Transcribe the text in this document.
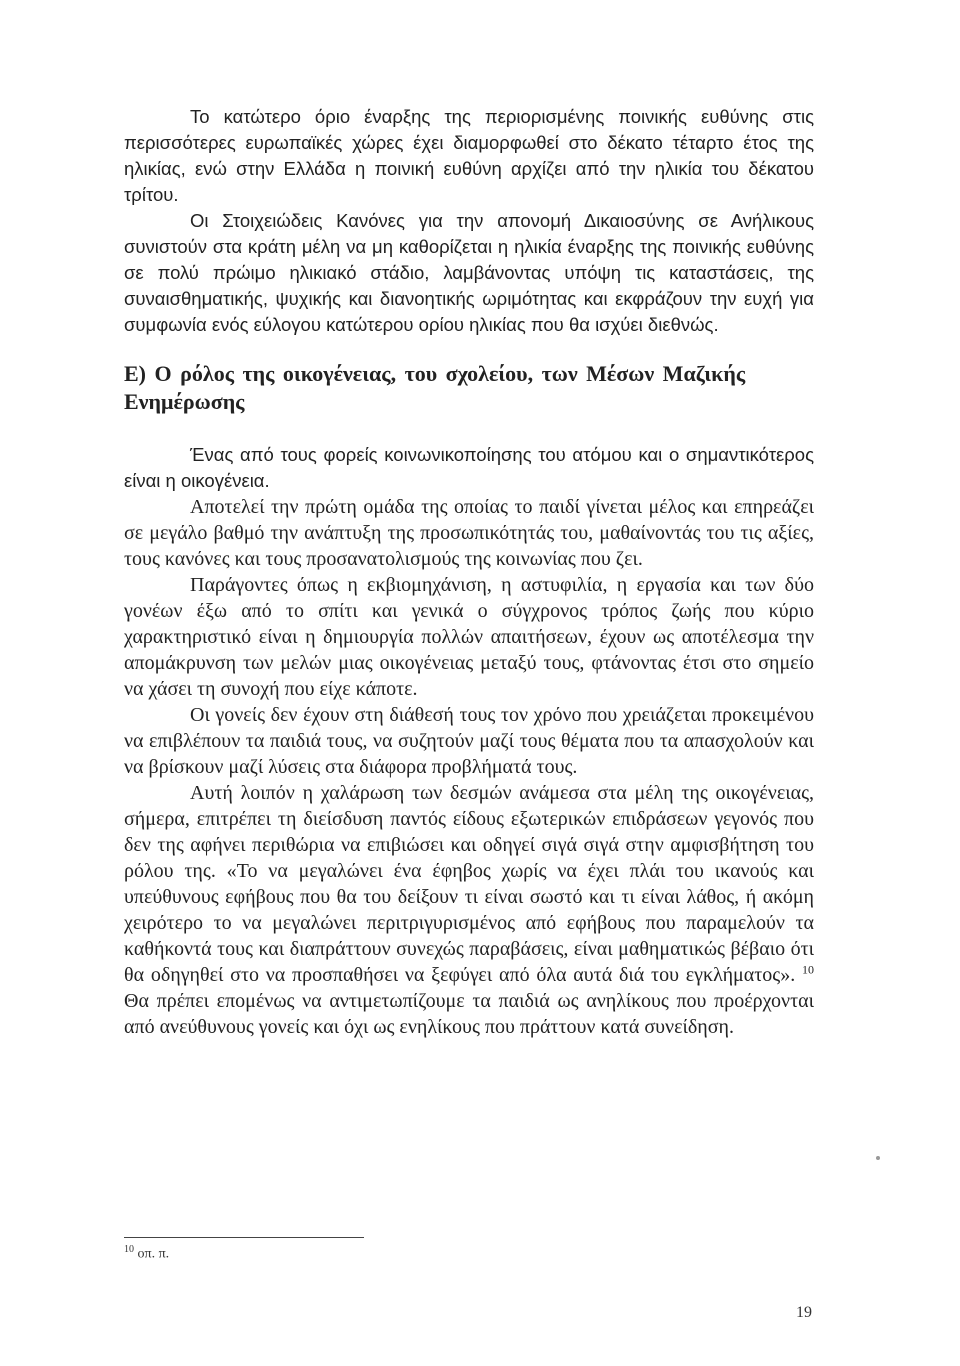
Το κατώτερο όριο έναρξης της περιορισμένης ποινικής ευθύνης στις περισσότερες ευρωπαϊκές χώρες έχει διαμορφωθεί στο δέκατο τέταρτο έτος της ηλικίας, ενώ στην Ελλάδα η ποινική ευθύνη αρχίζει από την ηλικία του δέκατου τρίτου.

Οι Στοιχειώδεις Κανόνες για την απονομή Δικαιοσύνης σε Ανήλικους συνιστούν στα κράτη μέλη να μη καθορίζεται η ηλικία έναρξης της ποινικής ευθύνης σε πολύ πρώιμο ηλικιακό στάδιο, λαμβάνοντας υπόψη τις καταστάσεις, της συναισθηματικής, ψυχικής και διανοητικής ωριμότητας και εκφράζουν την ευχή για συμφωνία ενός εύλογου κατώτερου ορίου ηλικίας που θα ισχύει διεθνώς.

Ε) Ο ρόλος της οικογένειας, του σχολείου, των Μέσων Μαζικής Ενημέρωσης

Ένας από τους φορείς κοινωνικοποίησης του ατόμου και ο σημαντικότερος είναι η οικογένεια.

Αποτελεί την πρώτη ομάδα της οποίας το παιδί γίνεται μέλος και επηρεάζει σε μεγάλο βαθμό την ανάπτυξη της προσωπικότητάς του, μαθαίνοντάς του τις αξίες, τους κανόνες και τους προσανατολισμούς της κοινωνίας που ζει.

Παράγοντες όπως η εκβιομηχάνιση, η αστυφιλία, η εργασία και των δύο γονέων έξω από το σπίτι και γενικά ο σύγχρονος τρόπος ζωής που κύριο χαρακτηριστικό είναι η δημιουργία πολλών απαιτήσεων, έχουν ως αποτέλεσμα την απομάκρυνση των μελών μιας οικογένειας μεταξύ τους, φτάνοντας έτσι στο σημείο να χάσει τη συνοχή που είχε κάποτε.

Οι γονείς δεν έχουν στη διάθεσή τους τον χρόνο που χρειάζεται προκειμένου να επιβλέπουν τα παιδιά τους, να συζητούν μαζί τους θέματα που τα απασχολούν και να βρίσκουν μαζί λύσεις στα διάφορα προβλήματά τους.

Αυτή λοιπόν η χαλάρωση των δεσμών ανάμεσα στα μέλη της οικογένειας, σήμερα, επιτρέπει τη διείσδυση παντός είδους εξωτερικών επιδράσεων γεγονός που δεν της αφήνει περιθώρια να επιβιώσει και οδηγεί σιγά σιγά στην αμφισβήτηση του ρόλου της. «Το να μεγαλώνει ένα έφηβος χωρίς να έχει πλάι του ικανούς και υπεύθυνους εφήβους που θα του δείξουν τι είναι σωστό και τι είναι λάθος, ή ακόμη χειρότερο το να μεγαλώνει περιτριγυρισμένος από εφήβους που παραμελούν τα καθήκοντά τους και διαπράττουν συνεχώς παραβάσεις, είναι μαθηματικώς βέβαιο ότι θα οδηγηθεί στο να προσπαθήσει να ξεφύγει από όλα αυτά διά του εγκλήματος». $^{10}$ Θα πρέπει επομένως να αντιμετωπίζουμε τα παιδιά ως ανηλίκους που προέρχονται από ανεύθυνους γονείς και όχι ως ενηλίκους που πράττουν κατά συνείδηση.

$^{10}$ οπ. π.
19
